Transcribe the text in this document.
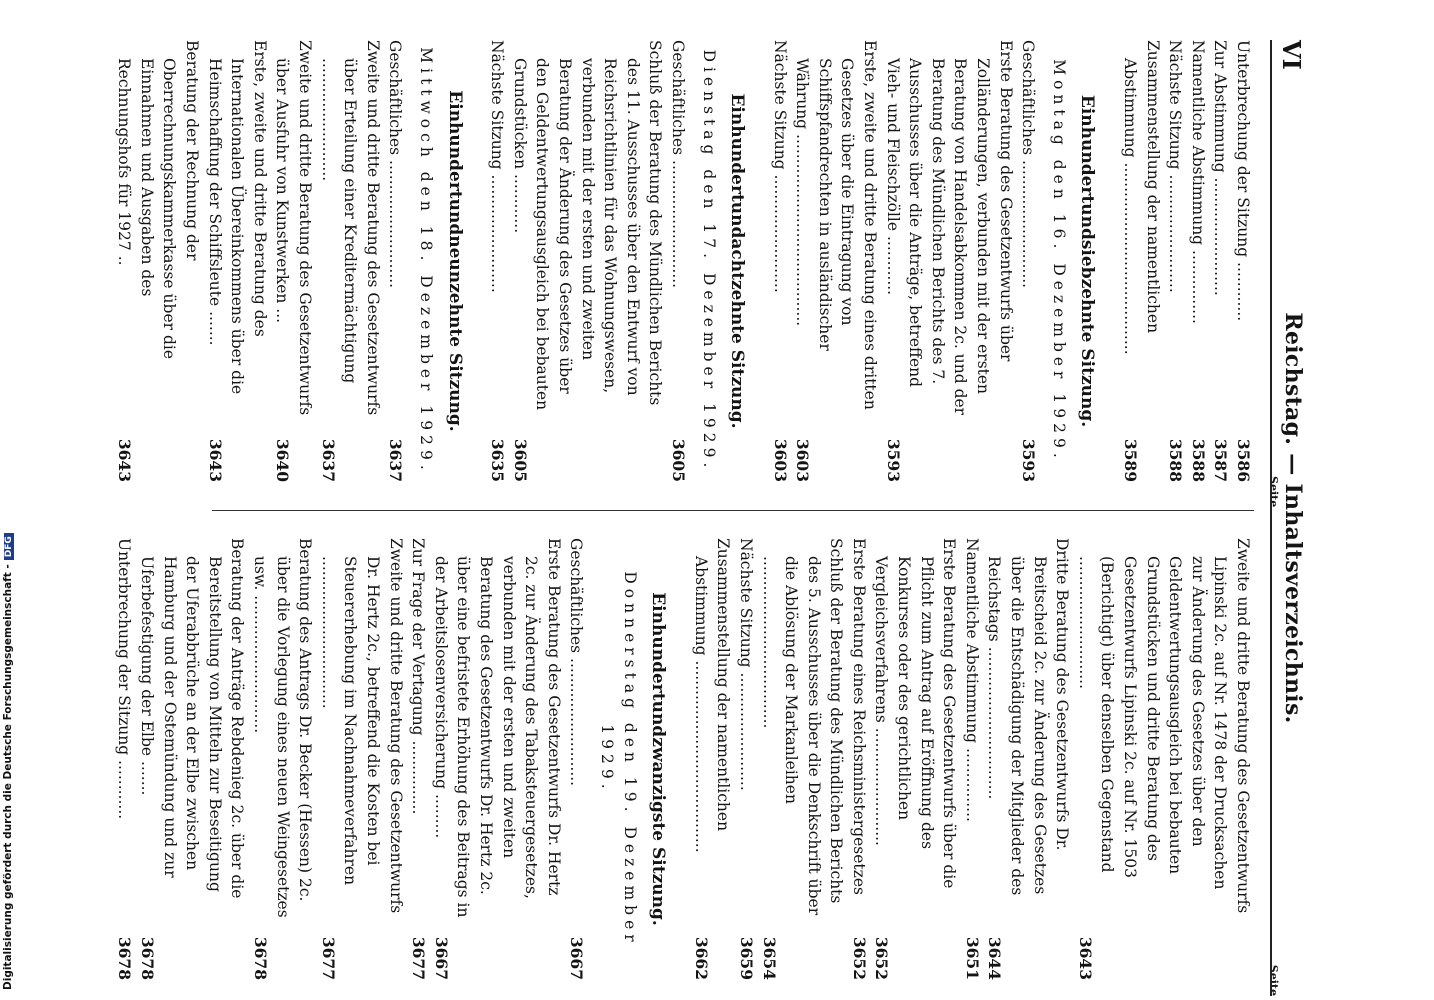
VI
Reichstag. — Inhaltsverzeichnis.
Seite
Seite
Unterbrechung der Sitzung ............
3586
Zur Abstimmung ........................
3587
Namentliche Abstimmung ...............
3588
Nächste Sitzung ........................
3588
Zusammenstellung der namentlichen Abstimmung .......................................
3589
Einhundertundsiebzehnte Sitzung.
Montag den 16. Dezember 1929.
Geschäftliches ..........................
3593
Erste Beratung des Gesetzentwurfs über Zolländerungen, verbunden mit der ersten Beratung von Handelsabkommen 2c. und der Beratung des Mündlichen Berichts des 7. Ausschusses über die Anträge, betreffend Vieh- und Fleischzölle ............
3593
Erste, zweite und dritte Beratung eines dritten Gesetzes über die Eintragung von Schiffspfandrechten in ausländischer Währung .......................................
3603
Nächste Sitzung ........................
3603
Einhundertundachtzehnte Sitzung.
Dienstag den 17. Dezember 1929.
Geschäftliches ..........................
3605
Schluß der Beratung des Mündlichen Berichts des 11. Ausschusses über den Entwurf von Reichsrichtlinien für das Wohnungswesen, verbunden mit der ersten und zweiten Beratung der Änderung des Gesetzes über den Geldentwertungsausgleich bei bebauten Grundstücken ............
3605
Nächste Sitzung ........................
3635
Einhundertundneunzehnte Sitzung.
Mittwoch den 18. Dezember 1929.
Geschäftliches ..........................
3637
Zweite und dritte Beratung des Gesetzentwurfs über Erteilung einer Kreditermächtigung .........................
3637
Zweite und dritte Beratung des Gesetzentwurfs über Ausfuhr von Kunstwerken ...
3640
Erste, zweite und dritte Beratung des Internationalen Übereinkommens über die Heimschaffung der Schiffsleute .......
3643
Beratung der Rechnung der Oberrechnungskammerkasse über die Einnahmen und Ausgaben des Rechnungshofs für 1927 ..
3643
Zweite und dritte Beratung des Gesetzentwurfs Lipinski 2c. auf Nr. 1478 der Drucksachen zur Änderung des Gesetzes über den Geldentwertungsausgleich bei bebauten Grundstücken und dritte Beratung des Gesetzentwurfs Lipinski 2c. auf Nr. 1503 (Berichtigt) über denselben Gegenstand ...........................
3643
Dritte Beratung des Gesetzentwurfs Dr. Breitscheid 2c. zur Änderung des Gesetzes über die Entschädigung der Mitglieder des Reichstags ...............................
3644
Namentliche Abstimmung ...............
3651
Erste Beratung des Gesetzentwurfs über die Pflicht zum Antrag auf Eröffnung des Konkurses oder des gerichtlichen Vergleichsverfahrens ........................
3652
Erste Beratung eines Reichsministergesetzes
3652
Schluß der Beratung des Mündlichen Berichts des 5. Ausschusses über die Denkschrift über die Ablösung der Markanleihen ...................................
3654
Nächste Sitzung ........................
3659
Zusammenstellung der namentlichen Abstimmung .......................................
3662
Einhundertundzwanzigste Sitzung.
Donnerstag den 19. Dezember 1929.
Geschäftliches ..........................
3667
Erste Beratung des Gesetzentwurfs Dr. Hertz 2c. zur Änderung des Tabaksteuergesetzes, verbunden mit der ersten und zweiten Beratung des Gesetzentwurfs Dr. Hertz 2c. über eine befristete Erhöhung des Beitrags in der Arbeitslosenversicherung .........
3667
Zur Frage der Vertagung ...............
3677
Zweite und dritte Beratung des Gesetzentwurfs Dr. Hertz 2c., betreffend die Kosten bei Steuererhebung im Nachnahmeverfahren ...............................
3677
Beratung des Antrags Dr. Becker (Hessen) 2c. über die Vorlegung eines neuen Weingesetzes usw. ............................
3678
Beratung der Anträge Rebdenieg 2c. über die Bereitstellung von Mitteln zur Beseitigung der Uferabbrüche an der Elbe zwischen Hamburg und der Ostemündung und zur Uferbefestigung der Elbe .......
3678
Unterbrechung der Sitzung ............
3678
Digitalisierung gefördert durch die Deutsche Forschungsgemeinschaft -DFG
